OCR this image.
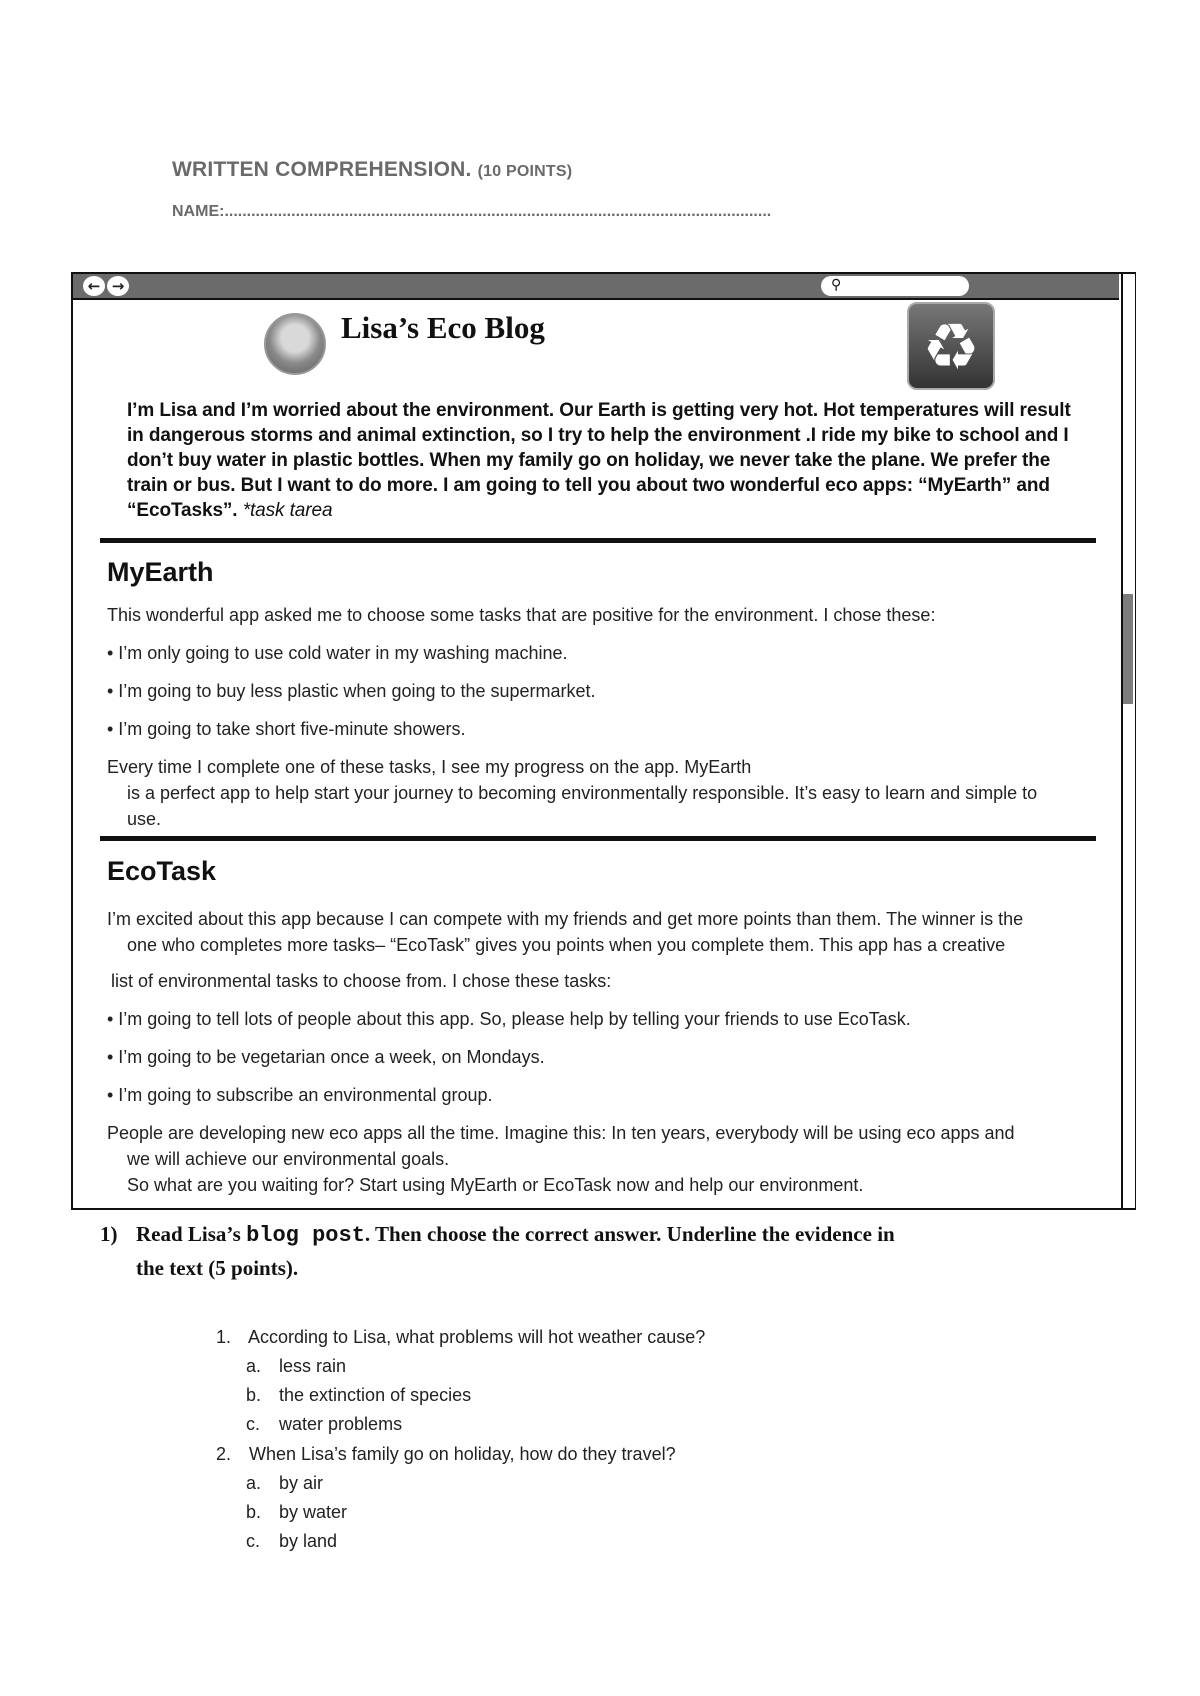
WRITTEN COMPREHENSION. (10 POINTS)
NAME:...........................................................................................................................
← →	⚲
Lisa’s Eco Blog	♻
I’m Lisa and I’m worried about the environment. Our Earth is getting very hot. Hot temperatures will result in dangerous storms and animal extinction, so I try to help the environment .I ride my bike to school and I don’t buy water in plastic bottles. When my family go on holiday, we never take the plane. We prefer the train or bus. But I want to do more. I am going to tell you about two wonderful eco apps: “MyEarth” and “EcoTasks”. *task tarea
MyEarth
This wonderful app asked me to choose some tasks that are positive for the environment. I chose these:
• I’m only going to use cold water in my washing machine.
• I’m going to buy less plastic when going to the supermarket.
• I’m going to take short five-minute showers.
Every time I complete one of these tasks, I see my progress on the app. MyEarth
is a perfect app to help start your journey to becoming environmentally responsible. It’s easy to learn and simple to use.
EcoTask
I’m excited about this app because I can compete with my friends and get more points than them. The winner is the
one who completes more tasks– “EcoTask” gives you points when you complete them. This app has a creative
list of environmental tasks to choose from. I chose these tasks:
• I’m going to tell lots of people about this app. So, please help by telling your friends to use EcoTask.
• I’m going to be vegetarian once a week, on Mondays.
• I’m going to subscribe an environmental group.
People are developing new eco apps all the time. Imagine this: In ten years, everybody will be using eco apps and
we will achieve our environmental goals.
So what are you waiting for? Start using MyEarth or EcoTask now and help our environment.
1) Read Lisa’s blog post. Then choose the correct answer. Underline the evidence in
the text (5 points).
1. According to Lisa, what problems will hot weather cause?
a. less rain
b. the extinction of species
c. water problems
2. When Lisa’s family go on holiday, how do they travel?
a. by air
b. by water
c. by land
